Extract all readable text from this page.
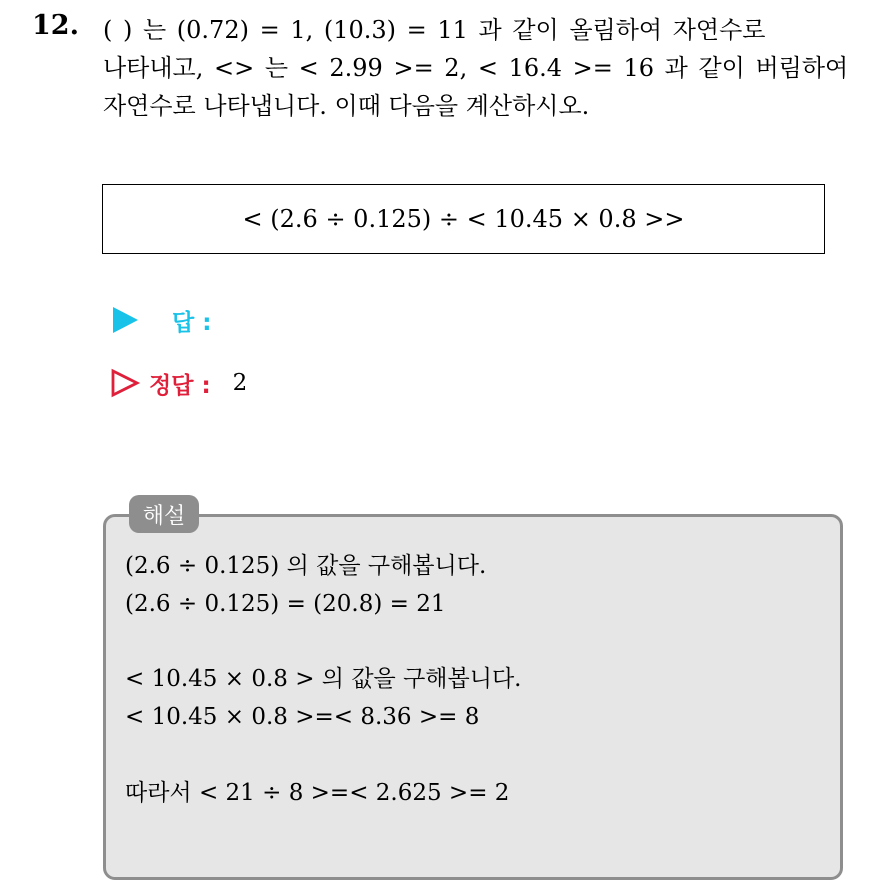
12. ( ) 는 (0.72) = 1, (10.3) = 11 과 같이 올림하여 자연수로
나타내고, <> 는 < 2.99 >= 2, < 16.4 >= 16 과 같이 버림하여
자연수로 나타냅니다. 이때 다음을 계산하시오.
< (2.6 ÷ 0.125) ÷ < 10.45 × 0.8 >>
답 :
정답 : 2
해설
(2.6 ÷ 0.125) 의 값을 구해봅니다.
(2.6 ÷ 0.125) = (20.8) = 21
< 10.45 × 0.8 > 의 값을 구해봅니다.
< 10.45 × 0.8 >=< 8.36 >= 8
따라서 < 21 ÷ 8 >=< 2.625 >= 2
